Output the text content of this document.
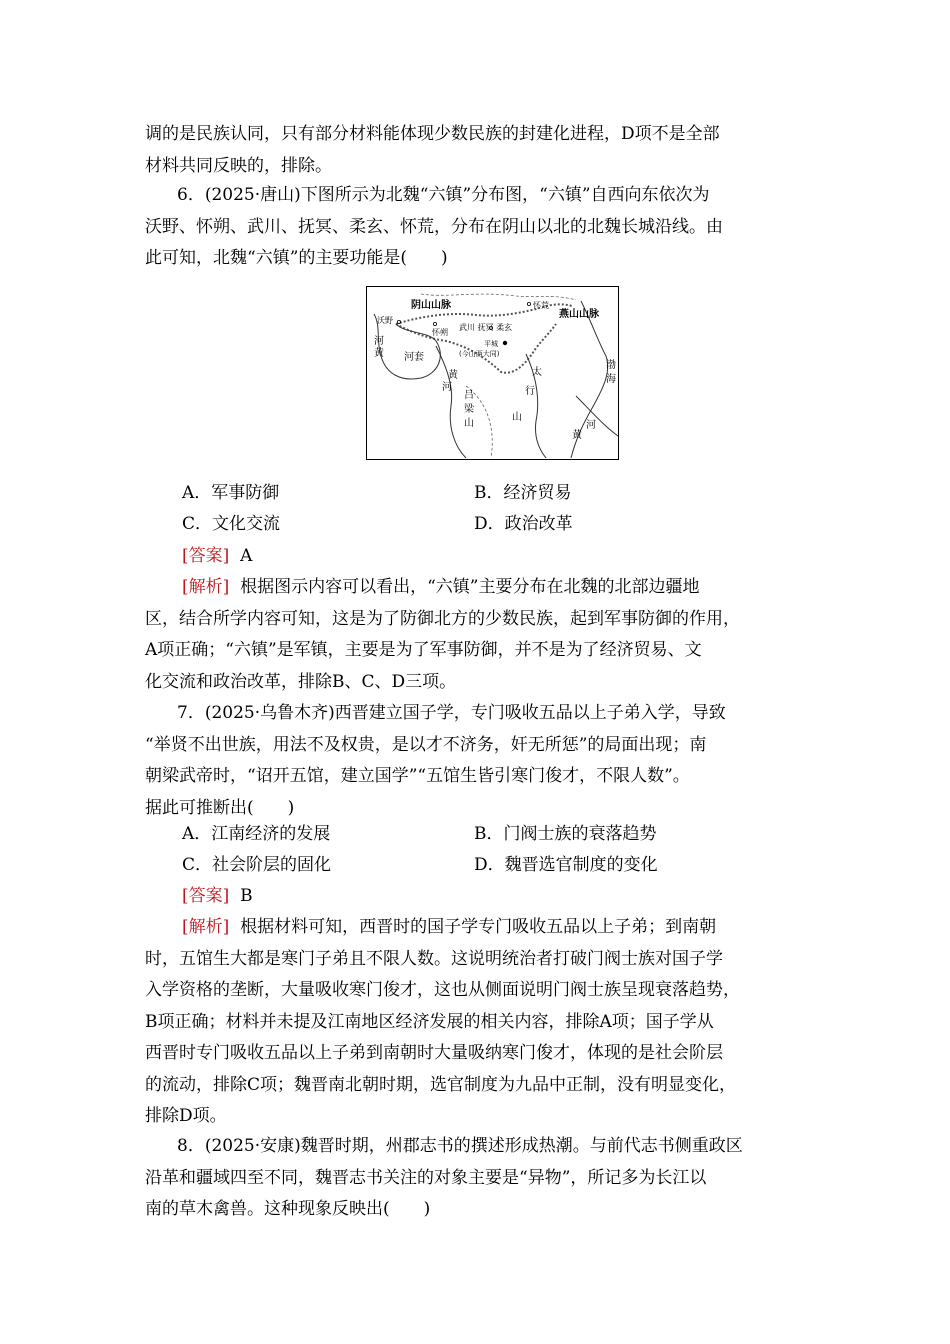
调的是民族认同，只有部分材料能体现少数民族的封建化进程，D项不是全部
材料共同反映的，排除。
6．(2025·唐山)下图所示为北魏“六镇”分布图，“六镇”自西向东依次为
沃野、怀朔、武川、抚冥、柔玄、怀荒，分布在阴山以北的北魏长城沿线。由
此可知，北魏“六镇”的主要功能是(　　)
阴山山脉
燕山山脉
怀荒
沃野
怀朔
武川 抚冥 柔玄
平城
(今山西大同)
河套
河
黄
黄
河
吕
梁
山
太
行
山
渤
海
河
黄
A．军事防御	B．经济贸易
C．文化交流	D．政治改革
[答案] A
[解析] 根据图示内容可以看出，“六镇”主要分布在北魏的北部边疆地
区，结合所学内容可知，这是为了防御北方的少数民族，起到军事防御的作用，
A项正确；“六镇”是军镇，主要是为了军事防御，并不是为了经济贸易、文
化交流和政治改革，排除B、C、D三项。
7．(2025·乌鲁木齐)西晋建立国子学，专门吸收五品以上子弟入学，导致
“举贤不出世族，用法不及权贵，是以才不济务，奸无所惩”的局面出现；南
朝梁武帝时，“诏开五馆，建立国学”“五馆生皆引寒门俊才，不限人数”。
据此可推断出(　　)
A．江南经济的发展	B．门阀士族的衰落趋势
C．社会阶层的固化	D．魏晋选官制度的变化
[答案] B
[解析] 根据材料可知，西晋时的国子学专门吸收五品以上子弟；到南朝
时，五馆生大都是寒门子弟且不限人数。这说明统治者打破门阀士族对国子学
入学资格的垄断，大量吸收寒门俊才，这也从侧面说明门阀士族呈现衰落趋势，
B项正确；材料并未提及江南地区经济发展的相关内容，排除A项；国子学从
西晋时专门吸收五品以上子弟到南朝时大量吸纳寒门俊才，体现的是社会阶层
的流动，排除C项；魏晋南北朝时期，选官制度为九品中正制，没有明显变化，
排除D项。
8．(2025·安康)魏晋时期，州郡志书的撰述形成热潮。与前代志书侧重政区
沿革和疆域四至不同，魏晋志书关注的对象主要是“异物”，所记多为长江以
南的草木禽兽。这种现象反映出(　　)
